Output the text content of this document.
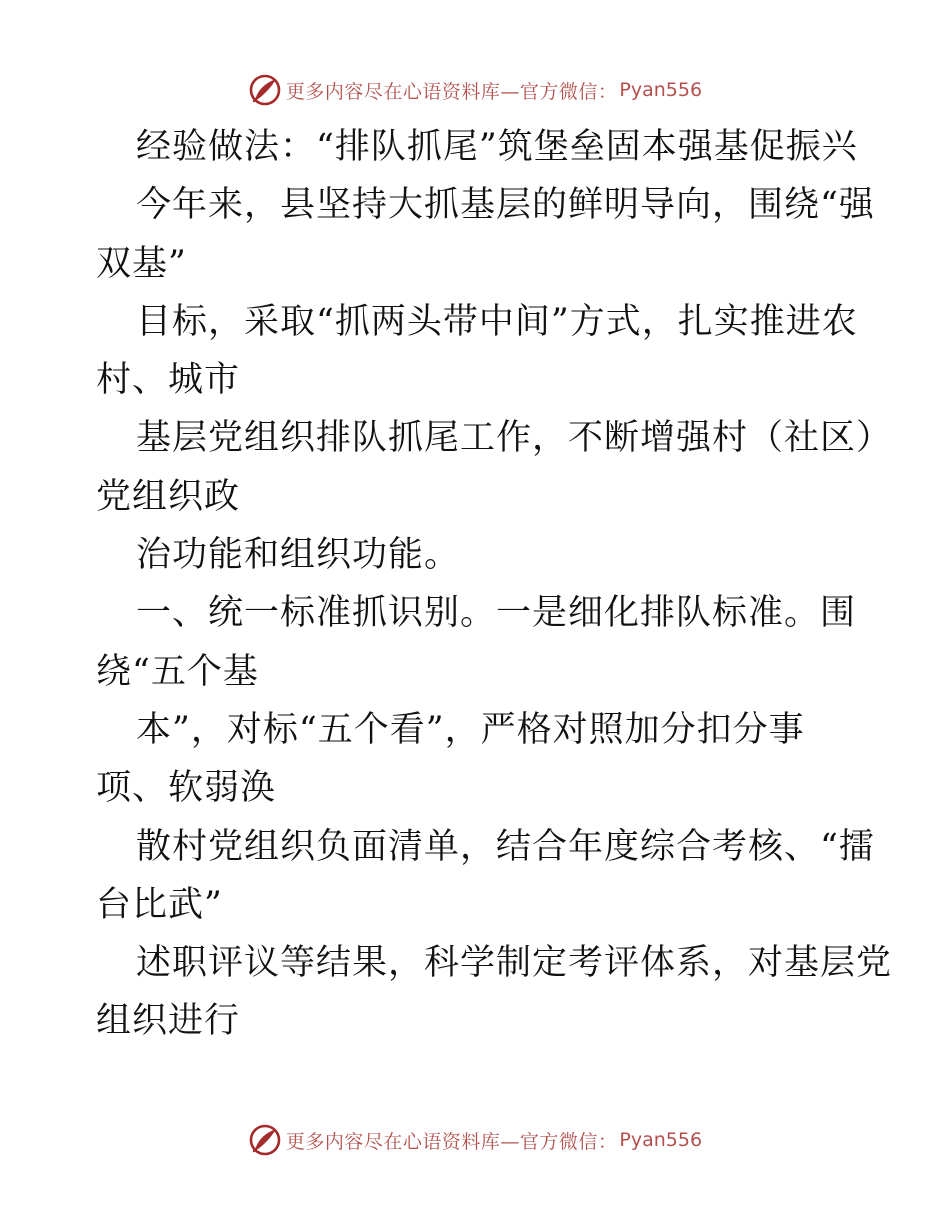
更多内容尽在心语资料库—官方微信： Pyan556
经验做法：“排队抓尾”筑堡垒固本强基促振兴
今年来，县坚持大抓基层的鲜明导向，围绕“强
双基”
目标，采取“抓两头带中间”方式，扎实推进农
村、城市
基层党组织排队抓尾工作，不断增强村（社区）
党组织政
治功能和组织功能。
一、统一标准抓识别。一是细化排队标准。围
绕“五个基
本”，对标“五个看”，严格对照加分扣分事
项、软弱涣
散村党组织负面清单，结合年度综合考核、“擂
台比武”
述职评议等结果，科学制定考评体系，对基层党
组织进行
更多内容尽在心语资料库—官方微信： Pyan556
